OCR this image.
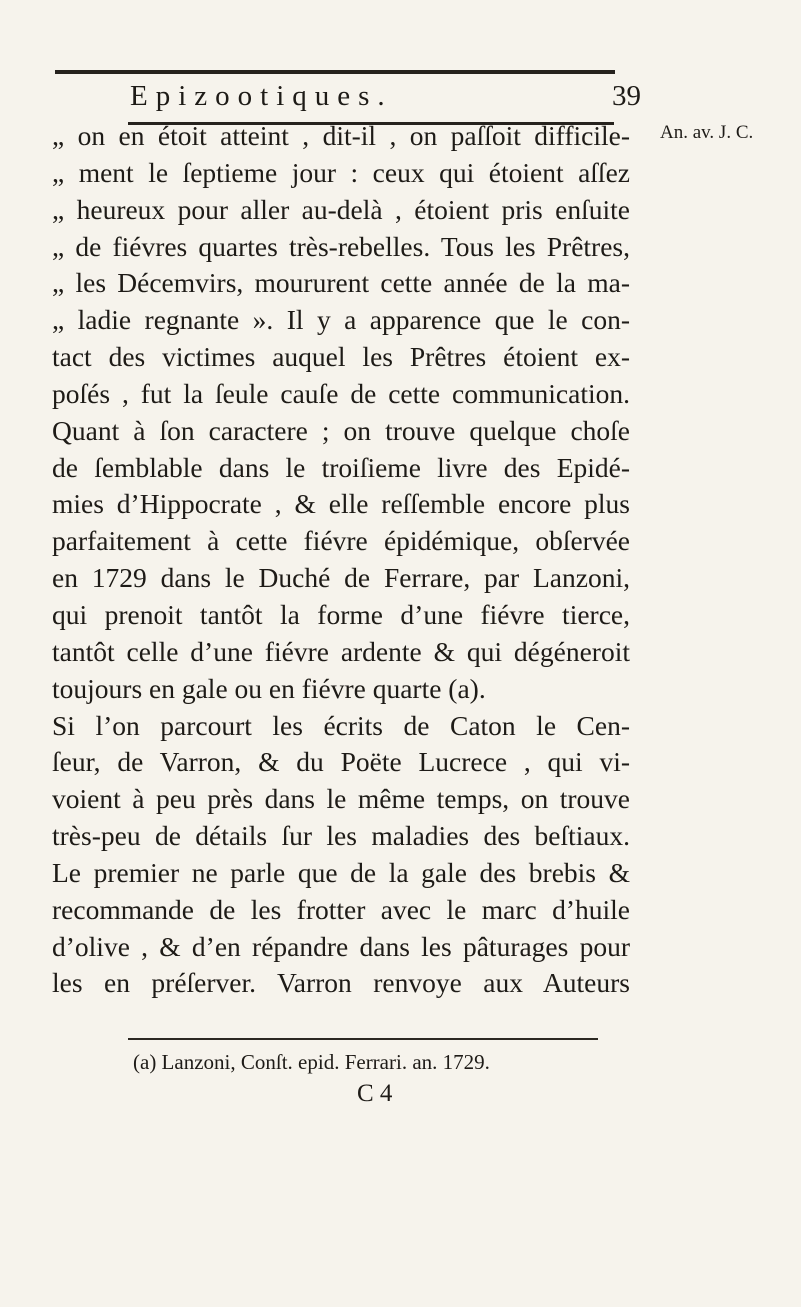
Epizootiques.	39
An. av. J. C.
„ on en étoit atteint , dit-il , on paſſoit difficile-
„ ment le ſeptieme jour : ceux qui étoient aſſez
„ heureux pour aller au-delà , étoient pris enſuite
„ de fiévres quartes très-rebelles. Tous les Prêtres,
„ les Décemvirs, moururent cette année de la ma-
„ ladie regnante ». Il y a apparence que le con-
tact des victimes auquel les Prêtres étoient ex-
poſés , fut la ſeule cauſe de cette communication.
Quant à ſon caractere ; on trouve quelque choſe
de ſemblable dans le troiſieme livre des Epidé-
mies d’Hippocrate , & elle reſſemble encore plus
parfaitement à cette fiévre épidémique, obſervée
en 1729 dans le Duché de Ferrare, par Lanzoni,
qui prenoit tantôt la forme d’une fiévre tierce,
tantôt celle d’une fiévre ardente & qui dégéneroit
toujours en gale ou en fiévre quarte (a).
Si l’on parcourt les écrits de Caton le Cen-
ſeur, de Varron, & du Poëte Lucrece , qui vi-
voient à peu près dans le même temps, on trouve
très-peu de détails ſur les maladies des beſtiaux.
Le premier ne parle que de la gale des brebis &
recommande de les frotter avec le marc d’huile
d’olive , & d’en répandre dans les pâturages pour
les en préſerver. Varron renvoye aux Auteurs
(a) Lanzoni, Conſt. epid. Ferrari. an. 1729.
C 4
